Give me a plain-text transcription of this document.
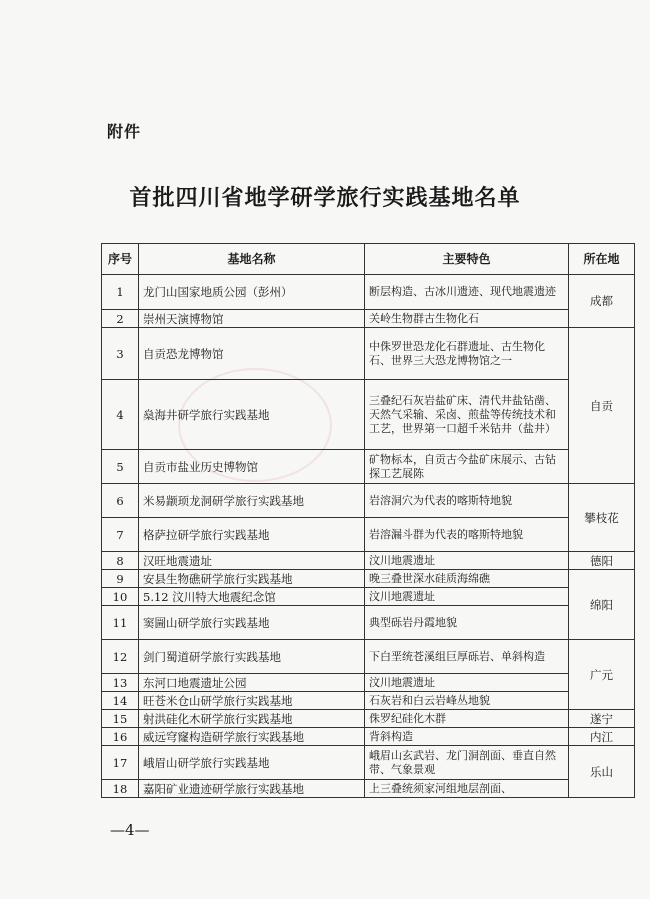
附件
首批四川省地学研学旅行实践基地名单
序号	基地名称	主要特色	所在地
1	龙门山国家地质公园（彭州）	断层构造、古冰川遗迹、现代地震遗迹	成都
2	崇州天演博物馆	关岭生物群古生物化石	
3	自贡恐龙博物馆	中侏罗世恐龙化石群遗址、古生物化石、世界三大恐龙博物馆之一	自贡
4	燊海井研学旅行实践基地	三叠纪石灰岩盐矿床、清代井盐钻凿、天然气采输、采卤、煎盐等传统技术和工艺，世界第一口超千米钻井（盐井）	
5	自贡市盐业历史博物馆	矿物标本，自贡古今盐矿床展示、古钻探工艺展陈	
6	米易颛顼龙洞研学旅行实践基地	岩溶洞穴为代表的喀斯特地貌	攀枝花
7	格萨拉研学旅行实践基地	岩溶漏斗群为代表的喀斯特地貌	
8	汉旺地震遗址	汶川地震遗址	德阳
9	安县生物礁研学旅行实践基地	晚三叠世深水硅质海绵礁	绵阳
10	5.12 汶川特大地震纪念馆	汶川地震遗址	
11	窦圌山研学旅行实践基地	典型砾岩丹霞地貌	
12	剑门蜀道研学旅行实践基地	下白垩统苍溪组巨厚砾岩、单斜构造	广元
13	东河口地震遗址公园	汶川地震遗址	
14	旺苍米仓山研学旅行实践基地	石灰岩和白云岩峰丛地貌	
15	射洪硅化木研学旅行实践基地	侏罗纪硅化木群	遂宁
16	威远穹窿构造研学旅行实践基地	背斜构造	内江
17	峨眉山研学旅行实践基地	峨眉山玄武岩、龙门洞剖面、垂直自然带、气象景观	乐山
18	嘉阳矿业遗迹研学旅行实践基地	上三叠统须家河组地层剖面、	
—4—
